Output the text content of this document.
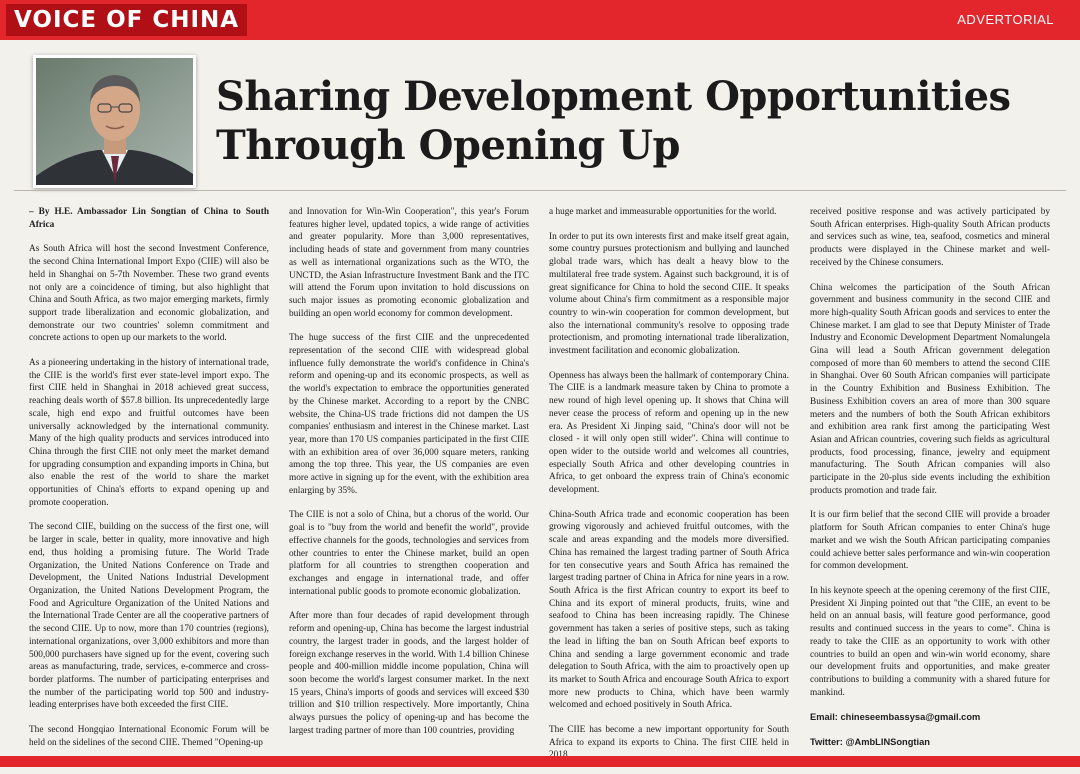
VOICE OF CHINA	ADVERTORIAL
Sharing Development Opportunities
Through Opening Up

– By H.E. Ambassador Lin Songtian of China to South Africa

As South Africa will host the second Investment Conference, the second China International Import Expo (CIIE) will also be held in Shanghai on 5-7th November. These two grand events not only are a coincidence of timing, but also highlight that China and South Africa, as two major emerging markets, firmly support trade liberalization and economic globalization, and demonstrate our two countries' solemn commitment and concrete actions to open up our markets to the world.

As a pioneering undertaking in the history of international trade, the CIIE is the world's first ever state-level import expo. The first CIIE held in Shanghai in 2018 achieved great success, reaching deals worth of $57.8 billion. Its unprecedentedly large scale, high end expo and fruitful outcomes have been universally acknowledged by the international community. Many of the high quality products and services introduced into China through the first CIIE not only meet the market demand for upgrading consumption and expanding imports in China, but also enable the rest of the world to share the market opportunities of China's efforts to expand opening up and promote cooperation.

The second CIIE, building on the success of the first one, will be larger in scale, better in quality, more innovative and high end, thus holding a promising future. The World Trade Organization, the United Nations Conference on Trade and Development, the United Nations Industrial Development Organization, the United Nations Development Program, the Food and Agriculture Organization of the United Nations and the International Trade Center are all the cooperative partners of the second CIIE. Up to now, more than 170 countries (regions), international organizations, over 3,000 exhibitors and more than 500,000 purchasers have signed up for the event, covering such areas as manufacturing, trade, services, e-commerce and cross-border platforms. The number of participating enterprises and the number of the participating world top 500 and industry-leading enterprises have both exceeded the first CIIE.

The second Hongqiao International Economic Forum will be held on the sidelines of the second CIIE. Themed "Opening-up

and Innovation for Win-Win Cooperation", this year's Forum features higher level, updated topics, a wide range of activities and greater popularity. More than 3,000 representatives, including heads of state and government from many countries as well as international organizations such as the WTO, the UNCTD, the Asian Infrastructure Investment Bank and the ITC will attend the Forum upon invitation to hold discussions on such major issues as promoting economic globalization and building an open world economy for common development.

The huge success of the first CIIE and the unprecedented representation of the second CIIE with widespread global influence fully demonstrate the world's confidence in China's reform and opening-up and its economic prospects, as well as the world's expectation to embrace the opportunities generated by the Chinese market. According to a report by the CNBC website, the China-US trade frictions did not dampen the US companies' enthusiasm and interest in the Chinese market. Last year, more than 170 US companies participated in the first CIIE with an exhibition area of over 36,000 square meters, ranking among the top three. This year, the US companies are even more active in signing up for the event, with the exhibition area enlarging by 35%.

The CIIE is not a solo of China, but a chorus of the world. Our goal is to "buy from the world and benefit the world", provide effective channels for the goods, technologies and services from other countries to enter the Chinese market, build an open platform for all countries to strengthen cooperation and exchanges and engage in international trade, and offer international public goods to promote economic globalization.

After more than four decades of rapid development through reform and opening-up, China has become the largest industrial country, the largest trader in goods, and the largest holder of foreign exchange reserves in the world. With 1.4 billion Chinese people and 400-million middle income population, China will soon become the world's largest consumer market. In the next 15 years, China's imports of goods and services will exceed $30 trillion and $10 trillion respectively. More importantly, China always pursues the policy of opening-up and has become the largest trading partner of more than 100 countries, providing

a huge market and immeasurable opportunities for the world.

In order to put its own interests first and make itself great again, some country pursues protectionism and bullying and launched global trade wars, which has dealt a heavy blow to the multilateral free trade system. Against such background, it is of great significance for China to hold the second CIIE. It speaks volume about China's firm commitment as a responsible major country to win-win cooperation for common development, but also the international community's resolve to opposing trade protectionism, and promoting international trade liberalization, investment facilitation and economic globalization.

Openness has always been the hallmark of contemporary China. The CIIE is a landmark measure taken by China to promote a new round of high level opening up. It shows that China will never cease the process of reform and opening up in the new era. As President Xi Jinping said, "China's door will not be closed - it will only open still wider". China will continue to open wider to the outside world and welcomes all countries, especially South Africa and other developing countries in Africa, to get onboard the express train of China's economic development.

China-South Africa trade and economic cooperation has been growing vigorously and achieved fruitful outcomes, with the scale and areas expanding and the models more diversified. China has remained the largest trading partner of South Africa for ten consecutive years and South Africa has remained the largest trading partner of China in Africa for nine years in a row. South Africa is the first African country to export its beef to China and its export of mineral products, fruits, wine and seafood to China has been increasing rapidly. The Chinese government has taken a series of positive steps, such as taking the lead in lifting the ban on South African beef exports to China and sending a large government economic and trade delegation to South Africa, with the aim to proactively open up its market to South Africa and encourage South Africa to export more new products to China, which have been warmly welcomed and echoed positively in South Africa.

The CIIE has become a new important opportunity for South Africa to expand its exports to China. The first CIIE held in

received positive response and was actively participated by South African enterprises. High-quality South African products and services such as wine, tea, seafood, cosmetics and mineral products were displayed in the Chinese market and well-received by the Chinese consumers.

China welcomes the participation of the South African government and business community in the second CIIE and more high-quality South African goods and services to enter the Chinese market. I am glad to see that Deputy Minister of Trade Industry and Economic Development Department Nomalungela Gina will lead a South African government delegation composed of more than 60 members to attend the second CIIE in Shanghai. Over 60 South African companies will participate in the Country Exhibition and Business Exhibition. The Business Exhibition covers an area of more than 300 square meters and the numbers of both the South African exhibitors and exhibition area rank first among the participating West Asian and African countries, covering such fields as agricultural products, food processing, finance, jewelry and equipment manufacturing. The South African companies will also participate in the 20-plus side events including the exhibition products promotion and trade fair.

It is our firm belief that the second CIIE will provide a broader platform for South African companies to enter China's huge market and we wish the South African participating companies could achieve better sales performance and win-win cooperation for common development.

In his keynote speech at the opening ceremony of the first CIIE, President Xi Jinping pointed out that "the CIIE, an event to be held on an annual basis, will feature good performance, good results and continued success in the years to come". China is ready to take the CIIE as an opportunity to work with other countries to build an open and win-win world economy, share our development fruits and opportunities, and make greater contributions to building a community with a shared future for mankind.

Email: chineseembassysa@gmail.com

Twitter: @AmbLINSongtian
